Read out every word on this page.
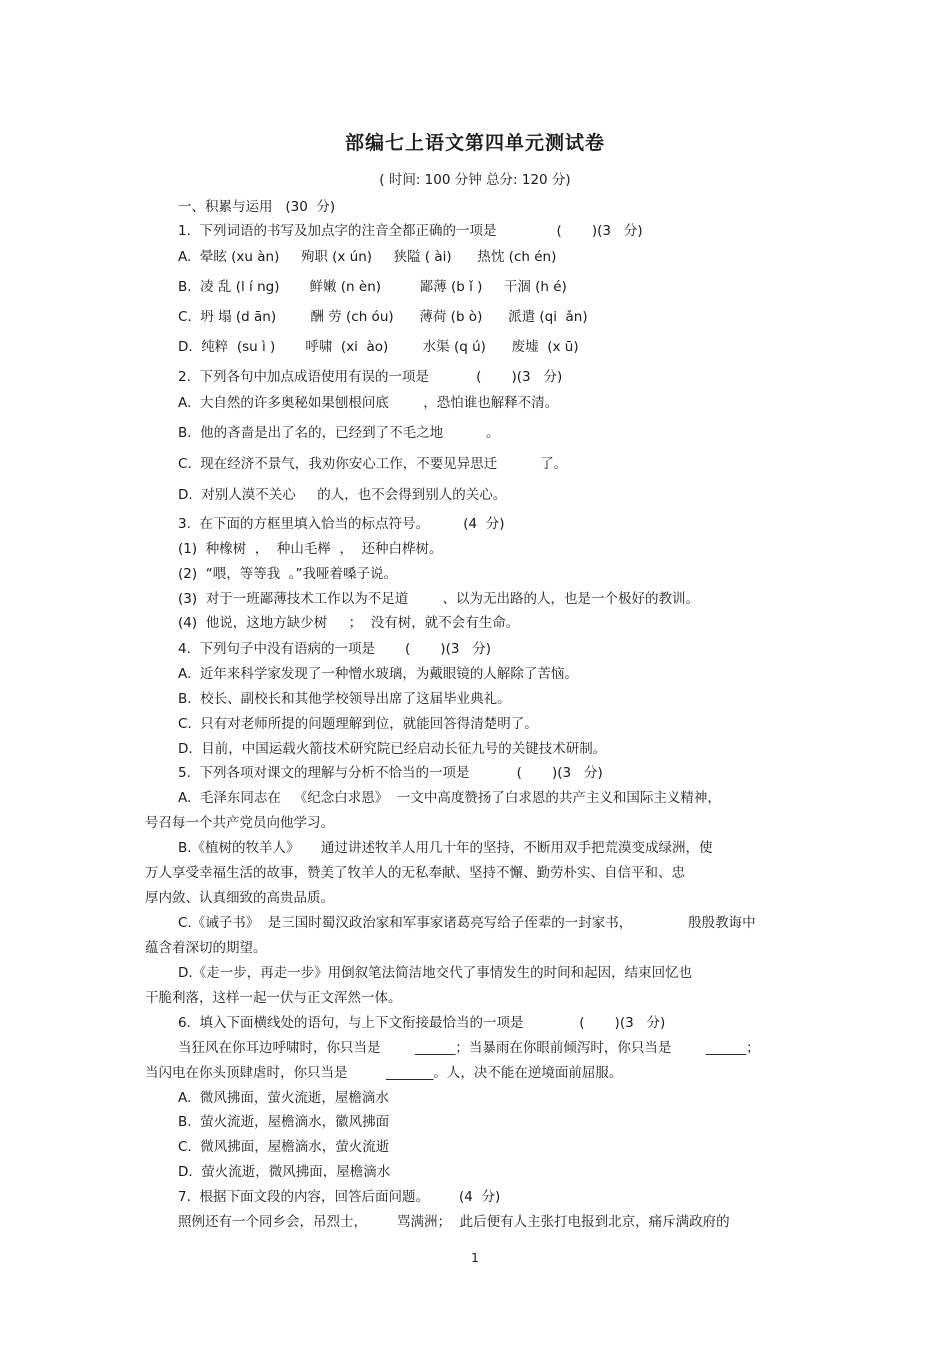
部编七上语文第四单元测试卷
( 时间: 100 分钟 总分: 120 分)
一、积累与运用   (30  分)
1.  下列词语的书写及加点字的注音全都正确的一项是              (       )(3   分)
A.  晕眩 (xu àn)     殉职 (x ún)     狭隘 ( ài)      热忱 (ch én)
B.  凌 乱 (l í ng)       鲜嫩 (n èn)         鄙薄 (b ǐ )     干涸 (h é)
C.  坍 塌 (d ān)        酬 劳 (ch óu)      薄荷 (b ò)      派遣 (qi  ǎn)
D.  纯粹  (su ì )       呼啸  (xi  ào)        水渠 (q ú)      废墟  (x ū)
2.  下列各句中加点成语使用有误的一项是           (       )(3   分)
A.  大自然的许多奥秘如果刨根问底        ，恐怕谁也解释不清。
B.  他的吝啬是出了名的，已经到了不毛之地          。
C.  现在经济不景气，我劝你安心工作，不要见异思迁          了。
D.  对别人漠不关心     的人，也不会得到别人的关心。
3.  在下面的方框里填入恰当的标点符号。        (4  分)
(1)  种橡树  ，  种山毛榉  ，  还种白桦树。
(2)  “喂，等等我  。”我哑着嗓子说。
(3)  对于一班鄙薄技术工作以为不足道        、以为无出路的人，也是一个极好的教训。
(4)  他说，这地方缺少树     ；  没有树，就不会有生命。
4.  下列句子中没有语病的一项是       (       )(3   分)
A.  近年来科学家发现了一种憎水玻璃，为戴眼镜的人解除了苦恼。
B.  校长、副校长和其他学校领导出席了这届毕业典礼。
C.  只有对老师所提的问题理解到位，就能回答得清楚明了。
D.  目前，中国运载火箭技术研究院已经启动长征九号的关键技术研制。
5.  下列各项对课文的理解与分析不恰当的一项是           (       )(3   分)
A.  毛泽东同志在   《纪念白求恩》  一文中高度赞扬了白求恩的共产主义和国际主义精神，
号召每一个共产党员向他学习。
B.《植树的牧羊人》     通过讲述牧羊人用几十年的坚持，不断用双手把荒漠变成绿洲，使
万人享受幸福生活的故事，赞美了牧羊人的无私奉献、坚持不懈、勤劳朴实、自信平和、忠
厚内敛、认真细致的高贵品质。
C.《诫子书》  是三国时蜀汉政治家和军事家诸葛亮写给子侄辈的一封家书，             殷殷教诲中
蕴含着深切的期望。
D.《走一步，再走一步》用倒叙笔法简洁地交代了事情发生的时间和起因，结束回忆也
干脆利落，这样一起一伏与正文浑然一体。
6.  填入下面横线处的语句，与上下文衔接最恰当的一项是             (       )(3   分)
当狂风在你耳边呼啸时，你只当是        ______；当暴雨在你眼前倾泻时，你只当是        ______；
当闪电在你头顶肆虐时，你只当是         _______。人，决不能在逆境面前屈服。
A.  微风拂面，萤火流逝，屋檐滴水
B.  萤火流逝，屋檐滴水，徽风拂面
C.  微风拂面，屋檐滴水，萤火流逝
D.  萤火流逝，微风拂面，屋檐滴水
7.  根据下面文段的内容，回答后面问题。       (4  分)
照例还有一个同乡会，吊烈士，       骂满洲；  此后便有人主张打电报到北京，痛斥满政府的
1
